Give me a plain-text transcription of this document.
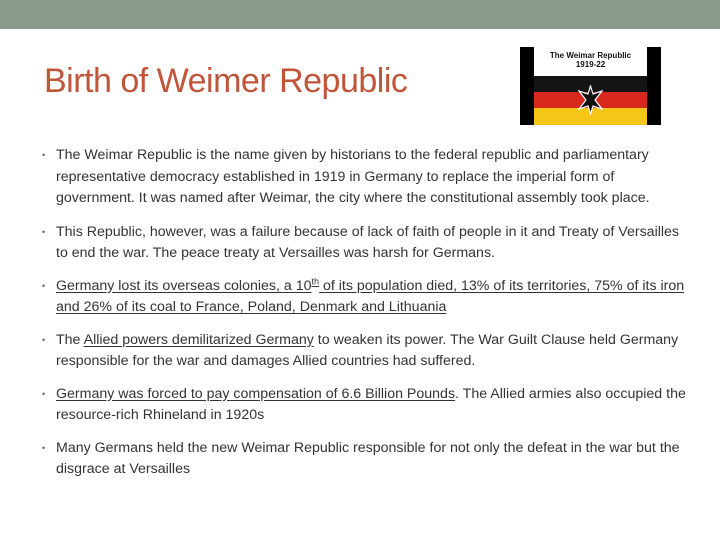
Birth of Weimer Republic
The Weimar Republic
1919-22
• The Weimar Republic is the name given by historians to the federal republic and parliamentary representative democracy established in 1919 in Germany to replace the imperial form of government. It was named after Weimar, the city where the constitutional assembly took place.
• This Republic, however, was a failure because of lack of faith of people in it and Treaty of Versailles to end the war. The peace treaty at Versailles was harsh for Germans.
• Germany lost its overseas colonies, a 10th of its population died, 13% of its territories, 75% of its iron and 26% of its coal to France, Poland, Denmark and Lithuania
• The Allied powers demilitarized Germany to weaken its power. The War Guilt Clause held Germany responsible for the war and damages Allied countries had suffered.
• Germany was forced to pay compensation of 6.6 Billion Pounds. The Allied armies also occupied the resource-rich Rhineland in 1920s
• Many Germans held the new Weimar Republic responsible for not only the defeat in the war but the disgrace at Versailles
